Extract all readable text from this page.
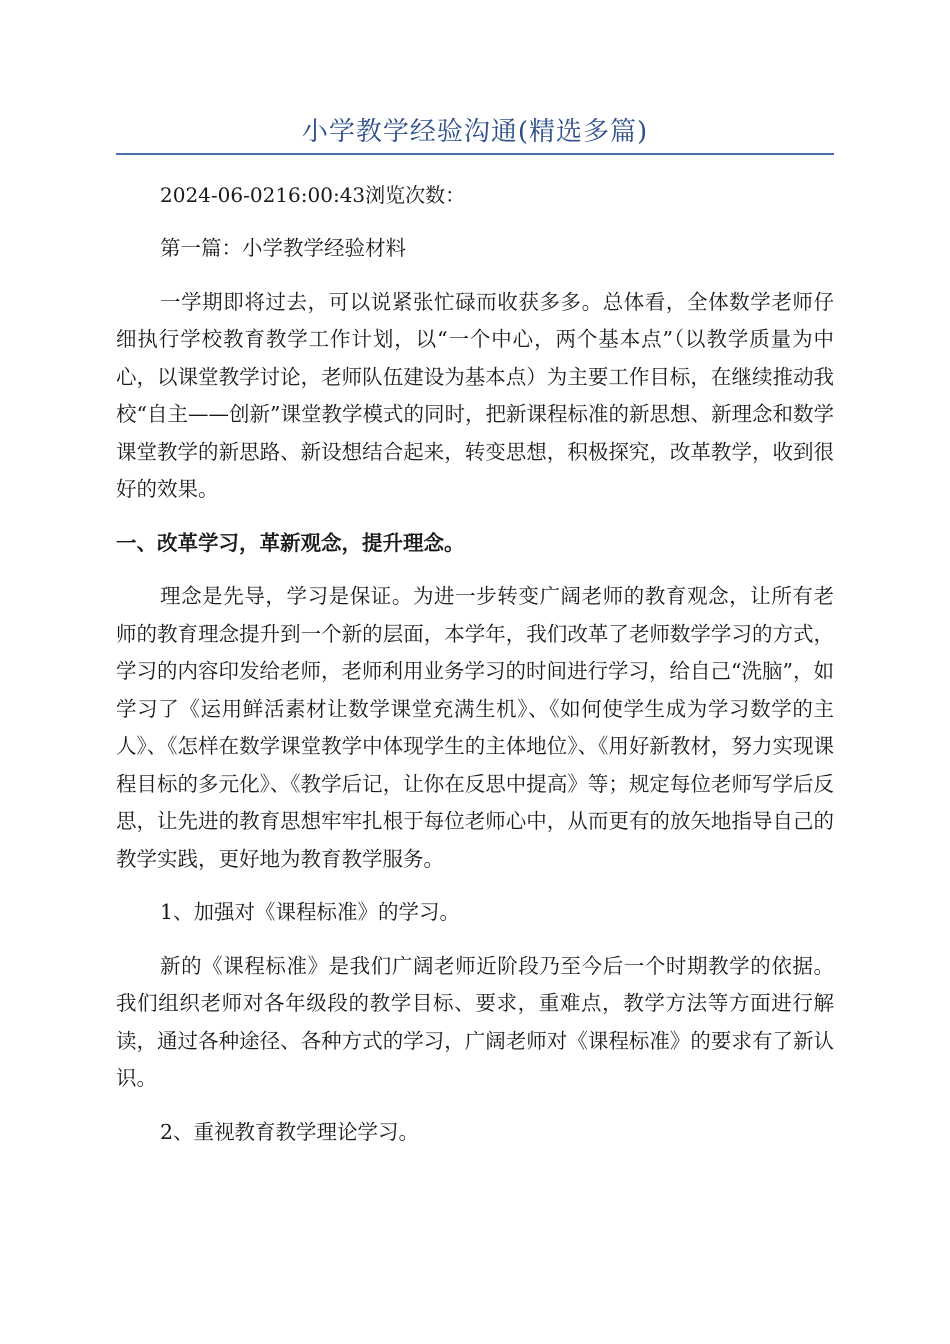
小学教学经验沟通(精选多篇)
2024-06-0216:00:43浏览次数：

第一篇：小学教学经验材料

一学期即将过去，可以说紧张忙碌而收获多多。总体看，全体数学老师仔细执行学校教育教学工作计划，以“一个中心，两个基本点”（以教学质量为中心，以课堂教学讨论，老师队伍建设为基本点）为主要工作目标，在继续推动我校“自主——创新”课堂教学模式的同时，把新课程标准的新思想、新理念和数学课堂教学的新思路、新设想结合起来，转变思想，积极探究，改革教学，收到很好的效果。

一、改革学习，革新观念，提升理念。

理念是先导，学习是保证。为进一步转变广阔老师的教育观念，让所有老师的教育理念提升到一个新的层面，本学年，我们改革了老师数学学习的方式，学习的内容印发给老师，老师利用业务学习的时间进行学习，给自己“洗脑”，如学习了《运用鲜活素材让数学课堂充满生机》、《如何使学生成为学习数学的主人》、《怎样在数学课堂教学中体现学生的主体地位》、《用好新教材，努力实现课程目标的多元化》、《教学后记，让你在反思中提高》等；规定每位老师写学后反思，让先进的教育思想牢牢扎根于每位老师心中，从而更有的放矢地指导自己的教学实践，更好地为教育教学服务。

1、加强对《课程标准》的学习。

新的《课程标准》是我们广阔老师近阶段乃至今后一个时期教学的依据。我们组织老师对各年级段的教学目标、要求，重难点，教学方法等方面进行解读，通过各种途径、各种方式的学习，广阔老师对《课程标准》的要求有了新认识。

2、重视教育教学理论学习。
